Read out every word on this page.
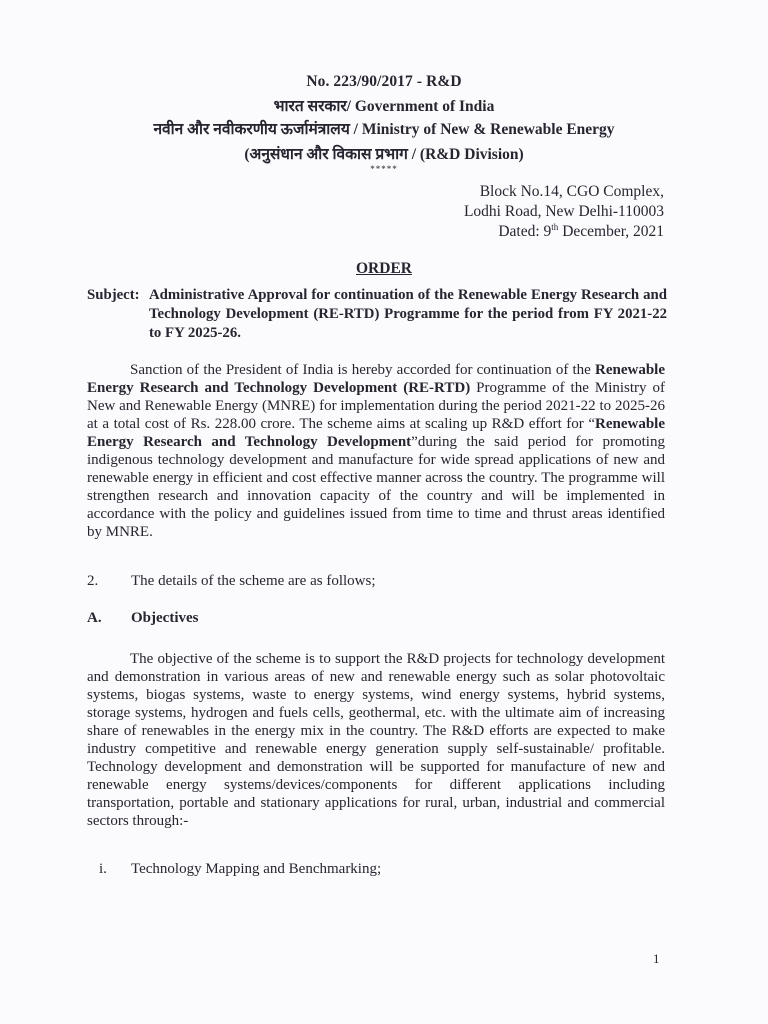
No. 223/90/2017 - R&D
भारत सरकार/ Government of India
नवीन और नवीकरणीय ऊर्जामंत्रालय / Ministry of New & Renewable Energy
(अनुसंधान और विकास प्रभाग / (R&D Division)
*****
Block No.14, CGO Complex,
Lodhi Road, New Delhi-110003
Dated: 9th December, 2021
ORDER
Subject: Administrative Approval for continuation of the Renewable Energy Research and Technology Development (RE-RTD) Programme for the period from FY 2021-22 to FY 2025-26.
Sanction of the President of India is hereby accorded for continuation of the Renewable Energy Research and Technology Development (RE-RTD) Programme of the Ministry of New and Renewable Energy (MNRE) for implementation during the period 2021-22 to 2025-26 at a total cost of Rs. 228.00 crore. The scheme aims at scaling up R&D effort for “Renewable Energy Research and Technology Development”during the said period for promoting indigenous technology development and manufacture for wide spread applications of new and renewable energy in efficient and cost effective manner across the country. The programme will strengthen research and innovation capacity of the country and will be implemented in accordance with the policy and guidelines issued from time to time and thrust areas identified by MNRE.
2. The details of the scheme are as follows;
A. Objectives
The objective of the scheme is to support the R&D projects for technology development and demonstration in various areas of new and renewable energy such as solar photovoltaic systems, biogas systems, waste to energy systems, wind energy systems, hybrid systems, storage systems, hydrogen and fuels cells, geothermal, etc. with the ultimate aim of increasing share of renewables in the energy mix in the country. The R&D efforts are expected to make industry competitive and renewable energy generation supply self-sustainable/ profitable. Technology development and demonstration will be supported for manufacture of new and renewable energy systems/devices/components for different applications including transportation, portable and stationary applications for rural, urban, industrial and commercial sectors through:-
i. Technology Mapping and Benchmarking;
1
